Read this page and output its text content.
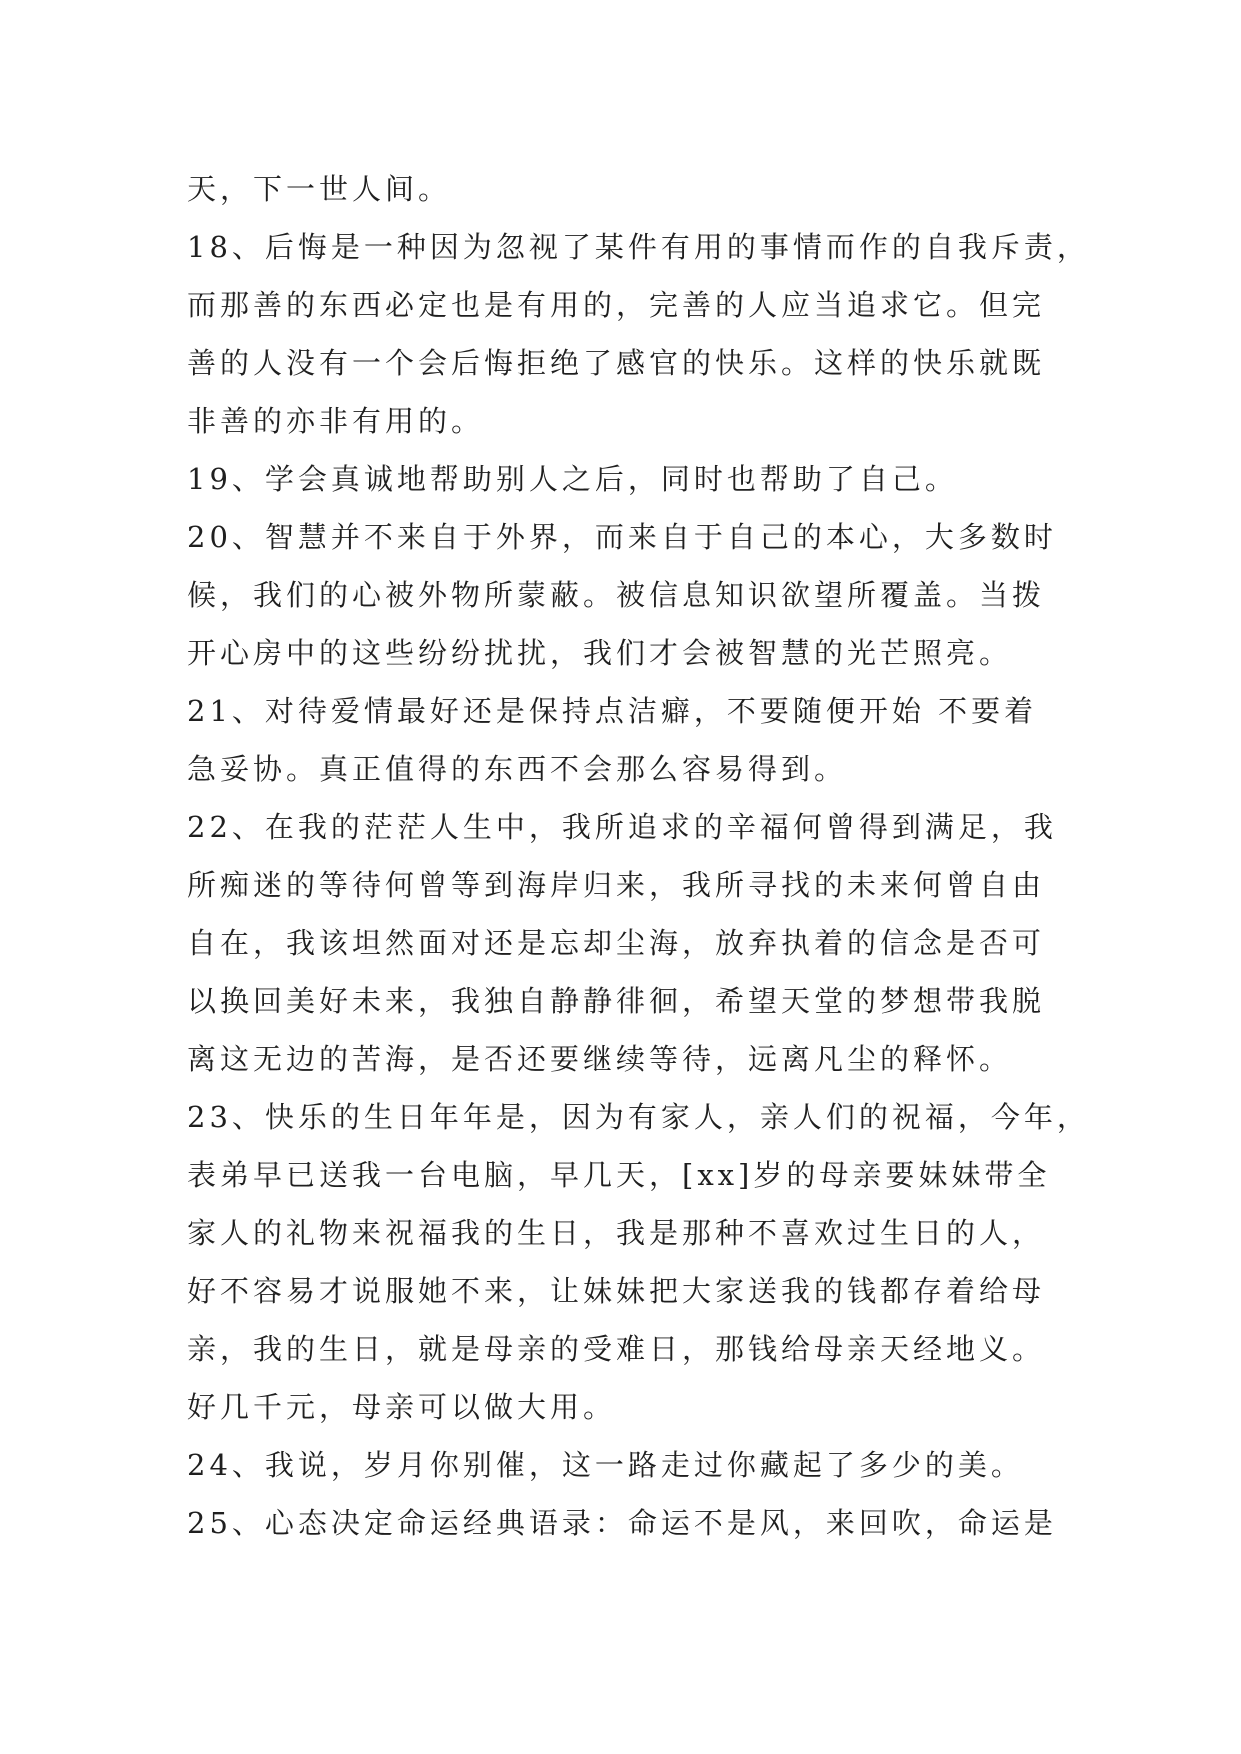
天，下一世人间。
18、后悔是一种因为忽视了某件有用的事情而作的自我斥责，
而那善的东西必定也是有用的，完善的人应当追求它。但完
善的人没有一个会后悔拒绝了感官的快乐。这样的快乐就既
非善的亦非有用的。
19、学会真诚地帮助别人之后，同时也帮助了自己。
20、智慧并不来自于外界，而来自于自己的本心，大多数时
候，我们的心被外物所蒙蔽。被信息知识欲望所覆盖。当拨
开心房中的这些纷纷扰扰，我们才会被智慧的光芒照亮。
21、对待爱情最好还是保持点洁癖，不要随便开始 不要着
急妥协。真正值得的东西不会那么容易得到。
22、在我的茫茫人生中，我所追求的辛福何曾得到满足，我
所痴迷的等待何曾等到海岸归来，我所寻找的未来何曾自由
自在，我该坦然面对还是忘却尘海，放弃执着的信念是否可
以换回美好未来，我独自静静徘徊，希望天堂的梦想带我脱
离这无边的苦海，是否还要继续等待，远离凡尘的释怀。
23、快乐的生日年年是，因为有家人，亲人们的祝福，今年，
表弟早已送我一台电脑，早几天，[xx]岁的母亲要妹妹带全
家人的礼物来祝福我的生日，我是那种不喜欢过生日的人，
好不容易才说服她不来，让妹妹把大家送我的钱都存着给母
亲，我的生日，就是母亲的受难日，那钱给母亲天经地义。
好几千元，母亲可以做大用。
24、我说，岁月你别催，这一路走过你藏起了多少的美。
25、心态决定命运经典语录：命运不是风，来回吹，命运是
